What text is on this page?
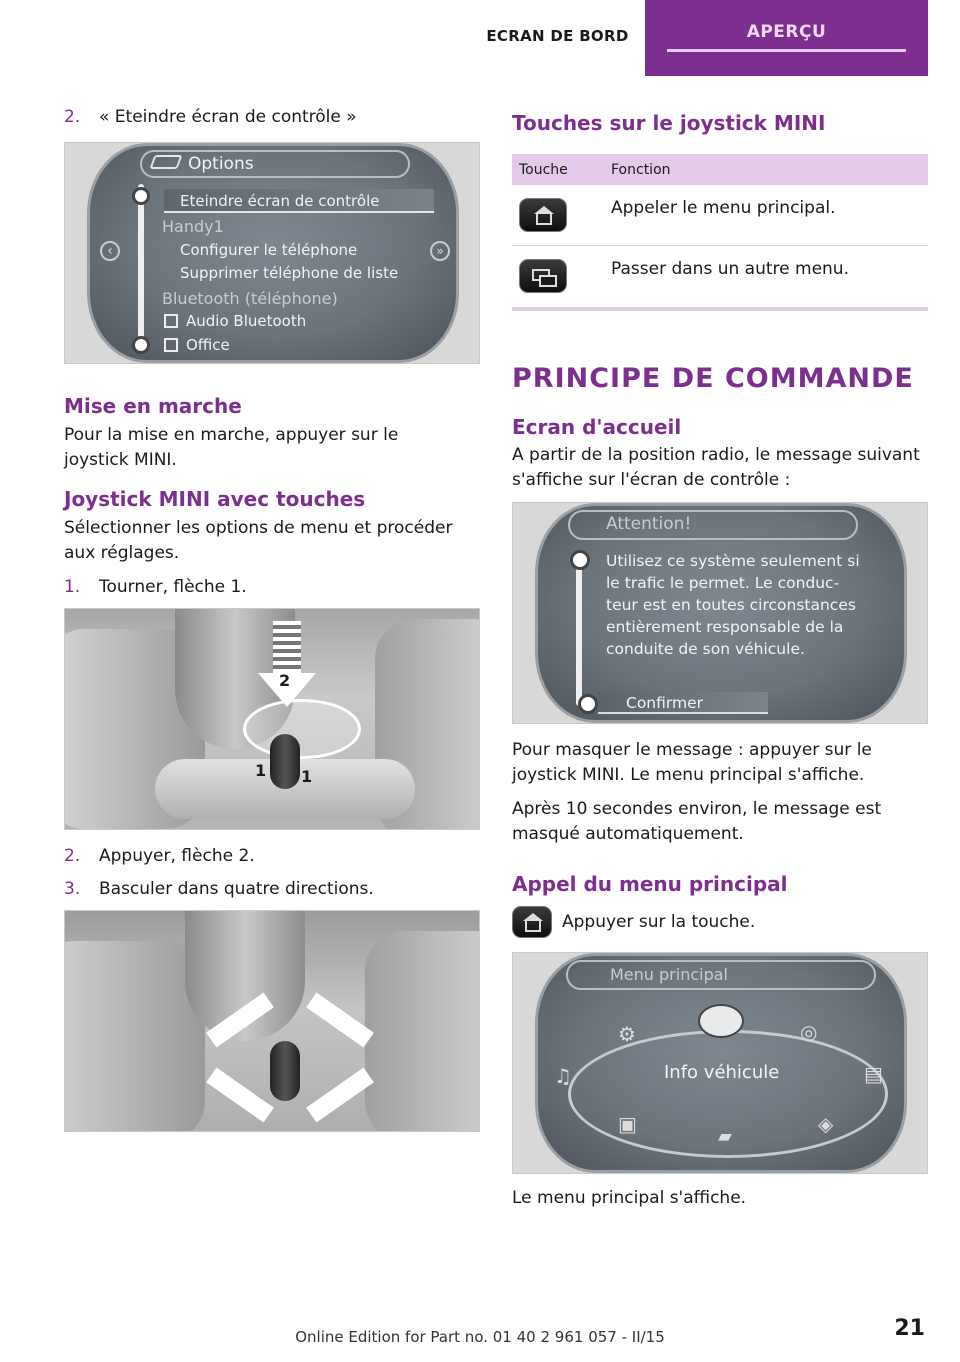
ECRAN DE BORD	APERÇU
2.	« Eteindre écran de contrôle »
Options
Eteindre écran de contrôle
Handy1
Configurer le téléphone
Supprimer téléphone de liste
Bluetooth (téléphone)
Audio Bluetooth
Office
‹	»
Mise en marche

Pour la mise en marche, appuyer sur le joystick MINI.

Joystick MINI avec touches

Sélectionner les options de menu et procéder aux réglages.

1.	Tourner, flèche 1.
2
1 1
2.	Appuyer, flèche 2.
3.	Basculer dans quatre directions.
Touches sur le joystick MINI
Touche	Fonction

	Appeler le menu principal.

	Passer dans un autre menu.
PRINCIPE DE COMMANDE
Ecran d'accueil

A partir de la position radio, le message suivant s'affiche sur l'écran de contrôle :

Attention!
Utilisez ce système seulement si
le trafic le permet. Le conduc-
teur est en toutes circonstances
entièrement responsable de la
conduite de son véhicule.
Confirmer

Pour masquer le message : appuyer sur le joystick MINI. Le menu principal s'affiche.

Après 10 secondes environ, le message est masqué automatiquement.

Appel du menu principal
Appuyer sur la touche.
Menu principal
⚙	◎
♫	▤
▣
▰
◈
Info véhicule

Le menu principal s'affiche.

Online Edition for Part no. 01 40 2 961 057 - II/15	21
